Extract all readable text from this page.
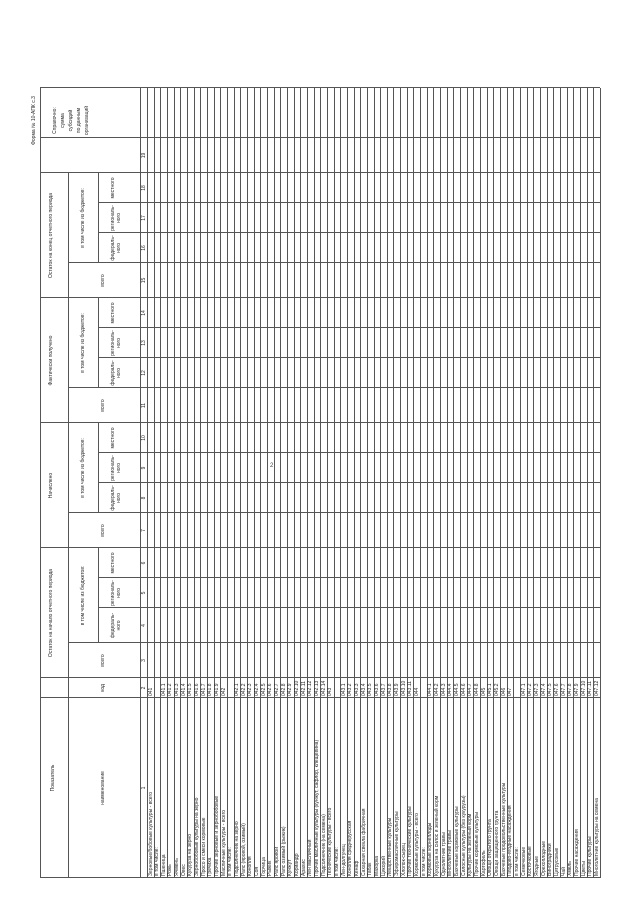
2
Показатель	наименование
код
Остаток на начало отчетного периода
всего
в том числе из бюджетов:
федераль-ного
региональ-ного
местного
Начислено
всего
в том числе из бюджетов:
федераль-ного
региональ-ного
местного
Фактически получено
всего
в том числе из бюджетов:
федераль-ного
региональ-ного
местного
Остаток на конец отчетного периода
всего
в том числе из бюджетов:
федераль-ного
региональ-ного
местного
Форма № 10-АПК с.3	Справочно: сумма субсидий по данным организаций
1
2
3
4
5
6
7
8
9
10
11
12
13
14
15
16
17
18
19
Зерновые/бобовые культуры - всего
041
в том числе: Пшеница
041.1
Рожь
041.2
Ячмень
041.3
Овес
041.4
Кукуруза на зерно
041.5
Зернобобовые культуры на зерно
041.6
Просо и смеси кормовые
041.7
Гречиха
041.8
Прочие зерновые и зернобобовые
041.9
Масличные культуры - всего
042
в том числе: Подсолнечник на зерно
042.1
Рапс (яровой, озимый)
042.2
Конопля
042.3
Соя
042.4
Горчица
042.5
Рыжик
042.6
Рапс яровой
042.7
Рапс озимый (рыжик)
042.8
Кунжут
042.9
Кориандр
042.10
Арахис
042.11
Лен масличный
042.12
Прочие масличные культуры (кунжут, сафлор, клещевина)
042.13
Подсолнечник (на семена)
042.14
Технические культуры - всего
043
в том числе: Лен-долгунец
043.1
Конопля среднерусская
043.2
Кенаф
043.3
Сахарная свекла фабричная
043.4
Табак
043.5
Махорка
043.6
Цикорий
043.7
Лекарственные культуры
043.8
Эфиромасличные культуры
043.9
Хлопок-сырец
043.10
Прочие технические культуры
043.11
Кормовые культуры - всего
044
в том числе: Кормовые корнеплоды
044.1
Кукуруза на силос и зеленый корм
044.2
Однолетние травы
044.3
Многолетние травы
044.4
Бахчевые кормовые культуры
044.5
Силосные культуры (без кукурузы)
044.6
Культуры на зеленый корм
044.7
Прочие кормовые культуры
044.8
Картофель
045
Овощи открытого грунта
045.1
Овощи защищенного грунта
045.2
Бахчевые продовольственные культуры
046
Плодово-ягодные насаждения
047
в том числе: Семечковые
047.1
Косточковые
047.2
Ягодные
047.3
Орехоплодные
047.4
Виноградники
047.5
Цитрусовые
047.6
Чай
047.7
Хмель
047.8
Прочие насаждения
047.9
Цветы
047.10
Прочие культуры
047.11
Многолетние культуры на семена
047.12
